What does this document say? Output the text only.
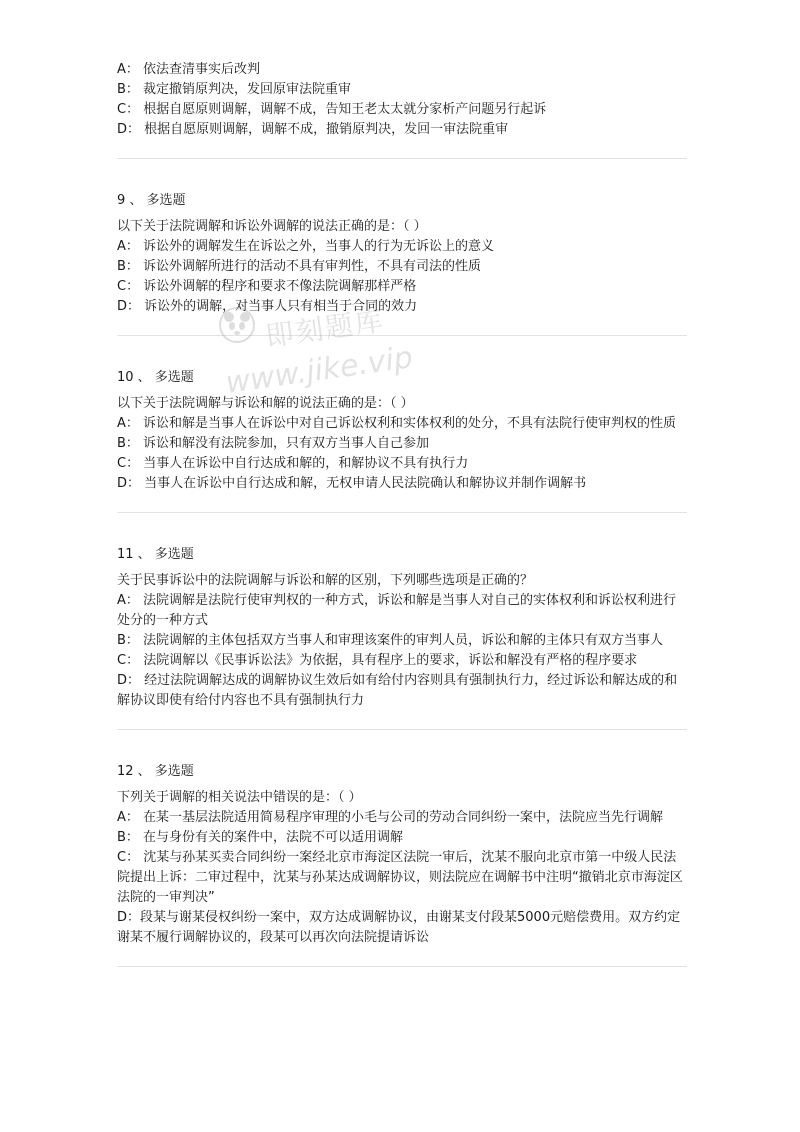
A： 依法查清事实后改判
B： 裁定撤销原判决，发回原审法院重审
C： 根据自愿原则调解，调解不成，告知王老太太就分家析产问题另行起诉
D： 根据自愿原则调解，调解不成，撤销原判决，发回一审法院重审
9 、 多选题
以下关于法院调解和诉讼外调解的说法正确的是：（ ）
A： 诉讼外的调解发生在诉讼之外，当事人的行为无诉讼上的意义
B： 诉讼外调解所进行的活动不具有审判性，不具有司法的性质
C： 诉讼外调解的程序和要求不像法院调解那样严格
D： 诉讼外的调解，对当事人只有相当于合同的效力
10 、 多选题
以下关于法院调解与诉讼和解的说法正确的是：（ ）
A： 诉讼和解是当事人在诉讼中对自己诉讼权利和实体权利的处分，不具有法院行使审判权的性质
B： 诉讼和解没有法院参加，只有双方当事人自己参加
C： 当事人在诉讼中自行达成和解的，和解协议不具有执行力
D： 当事人在诉讼中自行达成和解，无权申请人民法院确认和解协议并制作调解书
11 、 多选题
关于民事诉讼中的法院调解与诉讼和解的区别，下列哪些选项是正确的？
A： 法院调解是法院行使审判权的一种方式，诉讼和解是当事人对自己的实体权利和诉讼权利进行处分的一种方式
B： 法院调解的主体包括双方当事人和审理该案件的审判人员，诉讼和解的主体只有双方当事人
C： 法院调解以《民事诉讼法》为依据，具有程序上的要求，诉讼和解没有严格的程序要求
D： 经过法院调解达成的调解协议生效后如有给付内容则具有强制执行力，经过诉讼和解达成的和解协议即使有给付内容也不具有强制执行力
12 、 多选题
下列关于调解的相关说法中错误的是：（ ）
A： 在某一基层法院适用简易程序审理的小毛与公司的劳动合同纠纷一案中，法院应当先行调解
B： 在与身份有关的案件中，法院不可以适用调解
C： 沈某与孙某买卖合同纠纷一案经北京市海淀区法院一审后，沈某不服向北京市第一中级人民法院提出上诉：二审过程中，沈某与孙某达成调解协议，则法院应在调解书中注明“撤销北京市海淀区法院的一审判决”
D：段某与谢某侵权纠纷一案中，双方达成调解协议，由谢某支付段某5000元赔偿费用。双方约定谢某不履行调解协议的，段某可以再次向法院提请诉讼
即刻题库
www.jike.vip
